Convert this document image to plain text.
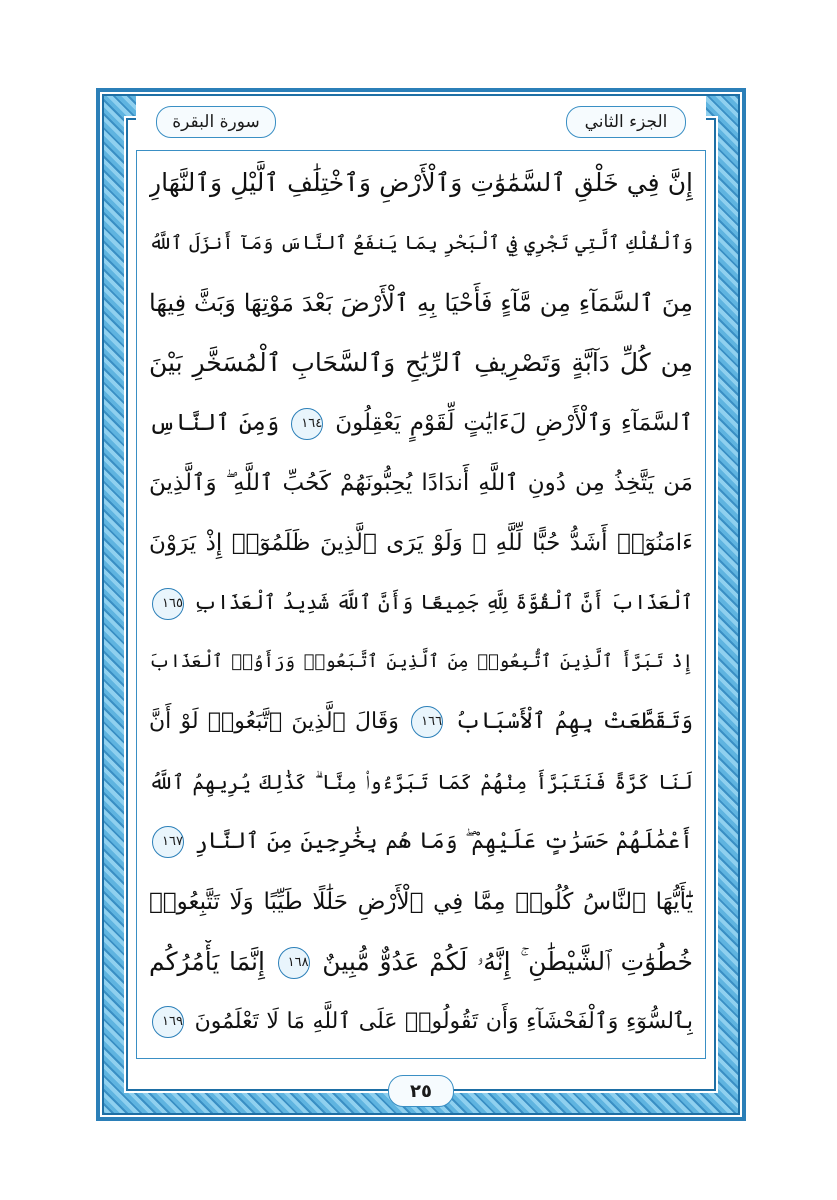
سورة البقرة	الجزء الثاني
إِنَّ فِي خَلْقِ ٱلسَّمَٰوَٰتِ وَٱلْأَرْضِ وَٱخْتِلَٰفِ ٱلَّيْلِ وَٱلنَّهَارِ
وَٱلْفُلْكِ ٱلَّتِي تَجْرِي فِي ٱلْبَحْرِ بِمَا يَنفَعُ ٱلنَّاسَ وَمَآ أَنزَلَ ٱللَّهُ
مِنَ ٱلسَّمَآءِ مِن مَّآءٍ فَأَحْيَا بِهِ ٱلْأَرْضَ بَعْدَ مَوْتِهَا وَبَثَّ فِيهَا
مِن كُلِّ دَآبَّةٍ وَتَصْرِيفِ ٱلرِّيَٰحِ وَٱلسَّحَابِ ٱلْمُسَخَّرِ بَيْنَ
ٱلسَّمَآءِ وَٱلْأَرْضِ لَءَايَٰتٍ لِّقَوْمٍ يَعْقِلُونَ ١٦٤ وَمِنَ ٱلنَّاسِ
مَن يَتَّخِذُ مِن دُونِ ٱللَّهِ أَندَادًا يُحِبُّونَهُمْ كَحُبِّ ٱللَّهِ ۖ وَٱلَّذِينَ
ءَامَنُوٓا۟ أَشَدُّ حُبًّا لِّلَّهِ ۗ وَلَوْ يَرَى ٱلَّذِينَ ظَلَمُوٓا۟ إِذْ يَرَوْنَ
ٱلْعَذَابَ أَنَّ ٱلْقُوَّةَ لِلَّهِ جَمِيعًا وَأَنَّ ٱللَّهَ شَدِيدُ ٱلْعَذَابِ ١٦٥
إِذْ تَبَرَّأَ ٱلَّذِينَ ٱتُّبِعُوا۟ مِنَ ٱلَّذِينَ ٱتَّبَعُوا۟ وَرَأَوُا۟ ٱلْعَذَابَ
وَتَقَطَّعَتْ بِهِمُ ٱلْأَسْبَابُ ١٦٦ وَقَالَ ٱلَّذِينَ ٱتَّبَعُوا۟ لَوْ أَنَّ
لَنَا كَرَّةً فَنَتَبَرَّأَ مِنْهُمْ كَمَا تَبَرَّءُوا۟ مِنَّا ۗ كَذَٰلِكَ يُرِيهِمُ ٱللَّهُ
أَعْمَٰلَهُمْ حَسَرَٰتٍ عَلَيْهِمْ ۖ وَمَا هُم بِخَٰرِجِينَ مِنَ ٱلنَّارِ ١٦٧
يَٰٓأَيُّهَا ٱلنَّاسُ كُلُوا۟ مِمَّا فِي ٱلْأَرْضِ حَلَٰلًا طَيِّبًا وَلَا تَتَّبِعُوا۟
خُطُوَٰتِ ٱلشَّيْطَٰنِ ۚ إِنَّهُۥ لَكُمْ عَدُوٌّ مُّبِينٌ ١٦٨ إِنَّمَا يَأْمُرُكُم
بِٱلسُّوٓءِ وَٱلْفَحْشَآءِ وَأَن تَقُولُوا۟ عَلَى ٱللَّهِ مَا لَا تَعْلَمُونَ ١٦٩
٢٥
